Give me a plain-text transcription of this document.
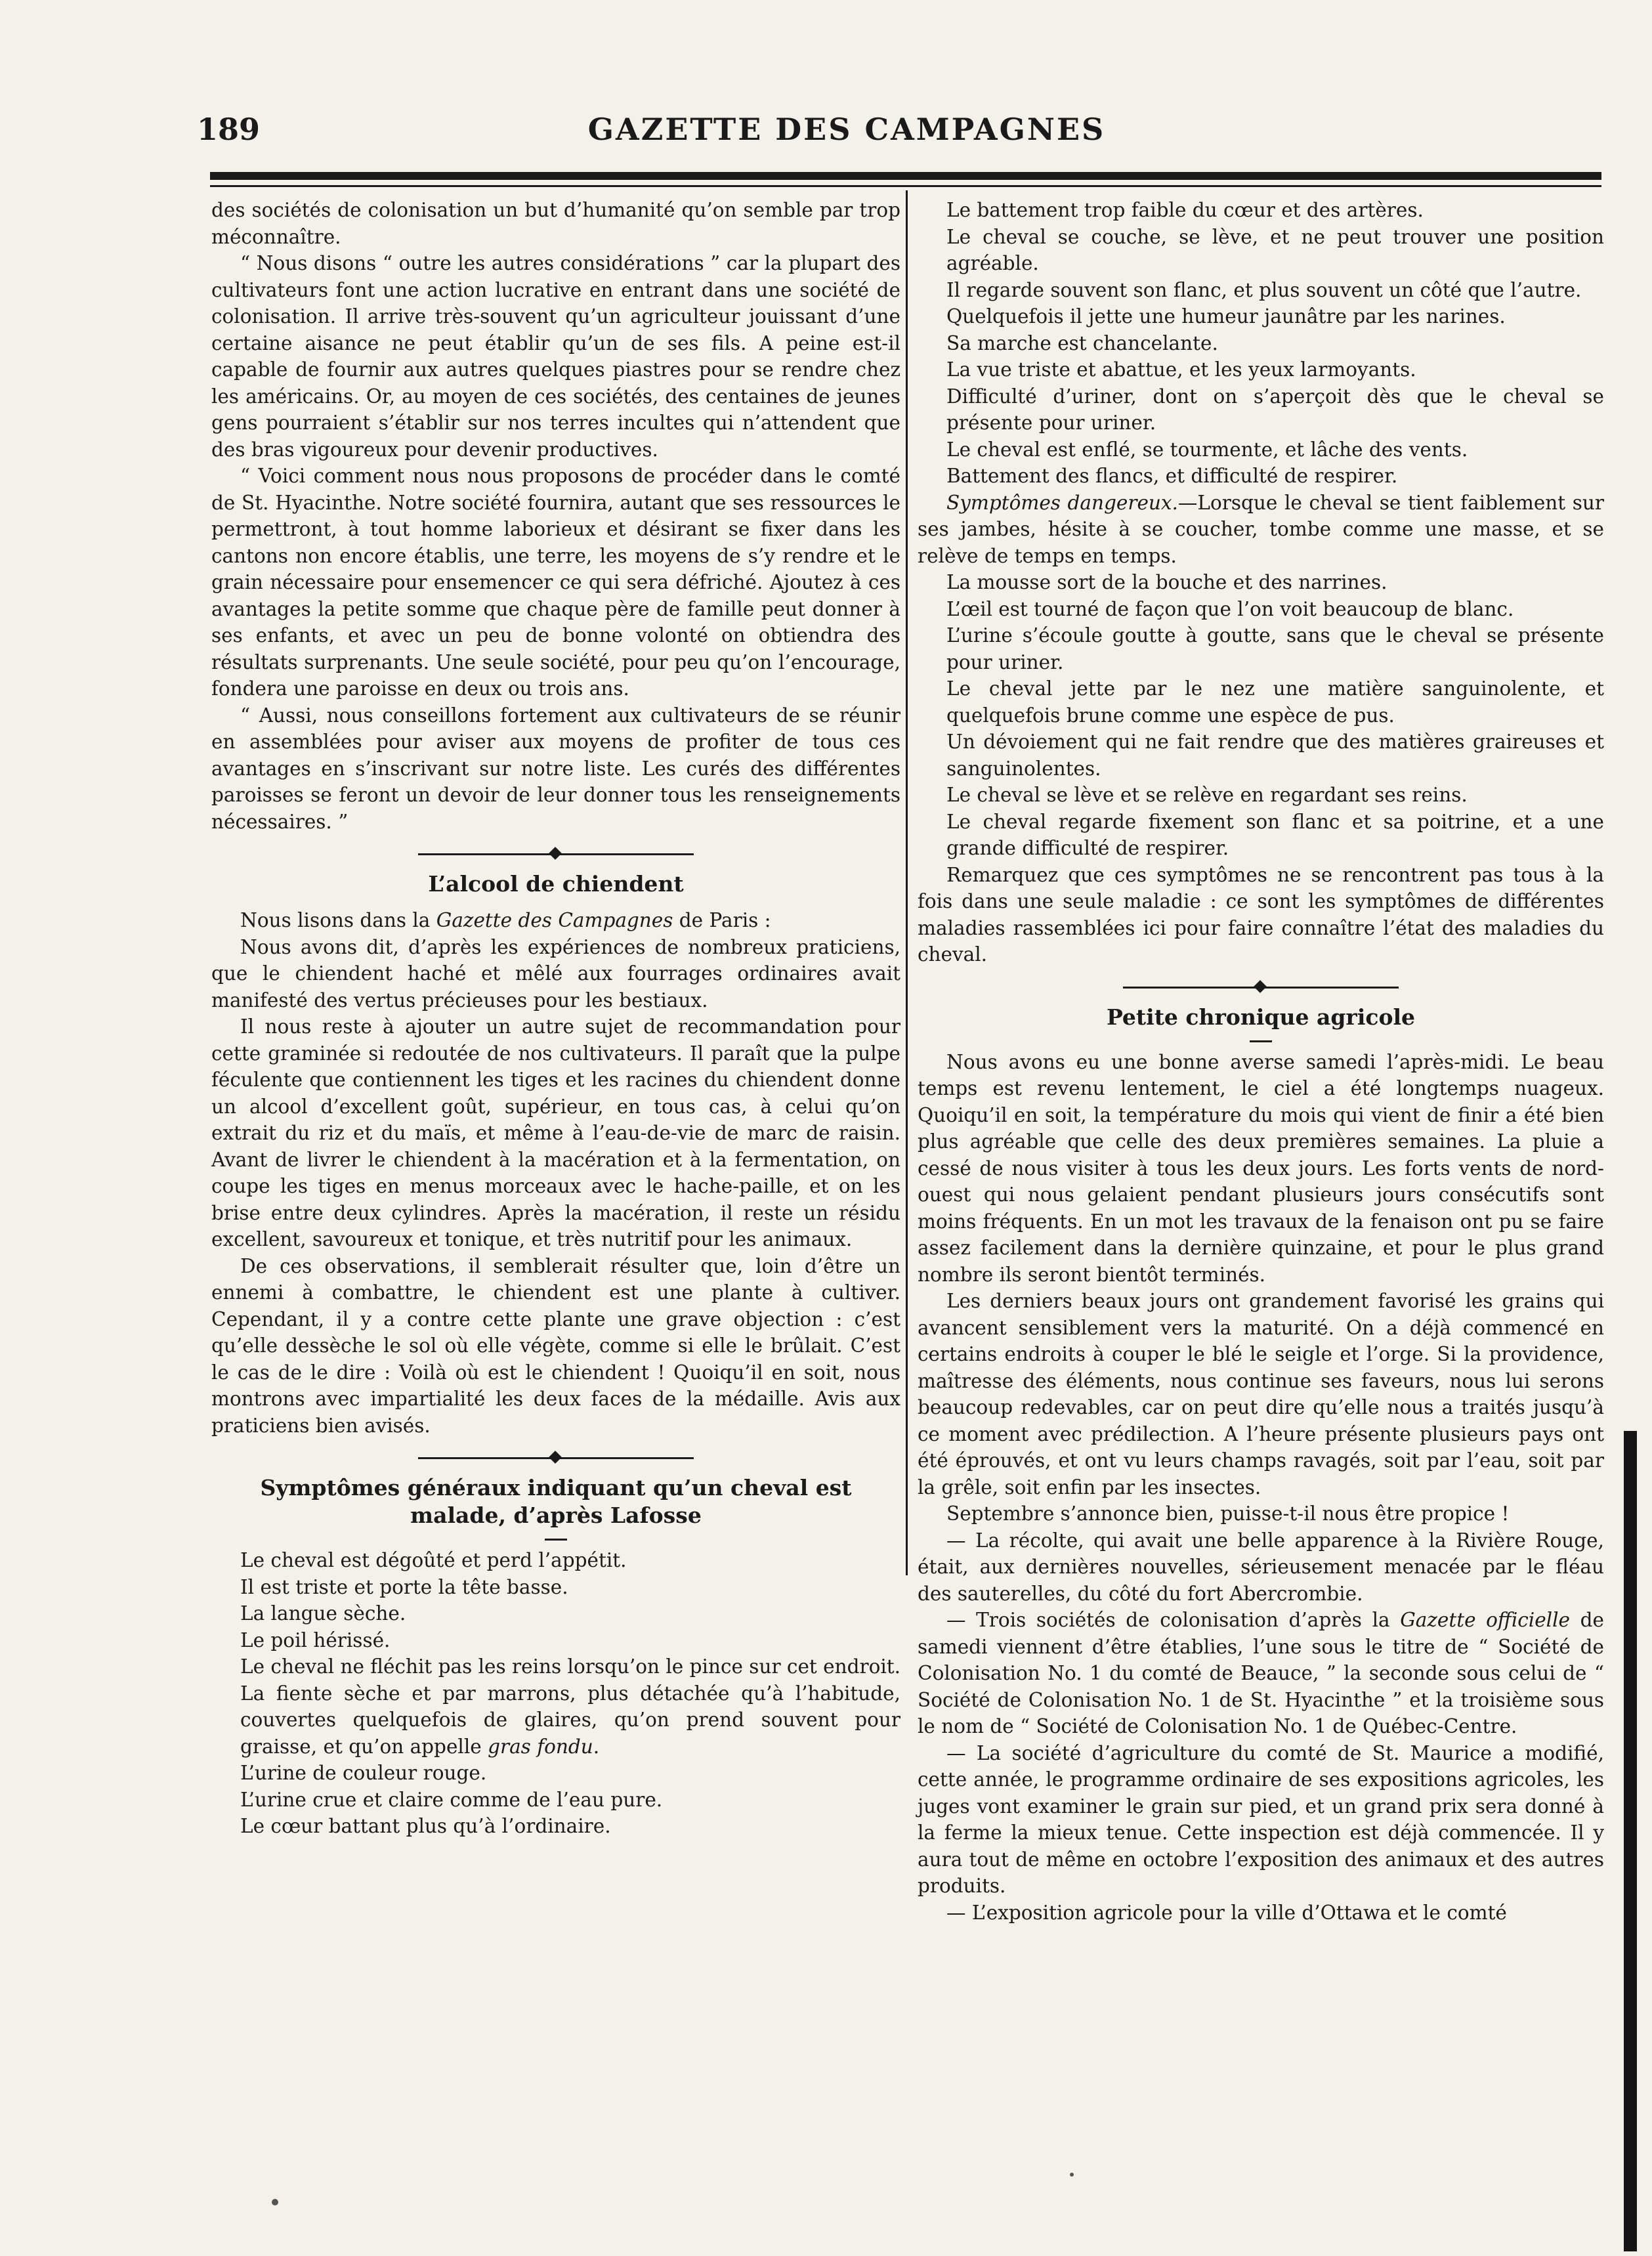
189	GAZETTE DES CAMPAGNES

des sociétés de colonisation un but d’humanité qu’on semble par trop méconnaître.

“ Nous disons “ outre les autres considérations ” car la plupart des cultivateurs font une action lucrative en entrant dans une société de colonisation. Il arrive très-souvent qu’un agriculteur jouissant d’une certaine aisance ne peut établir qu’un de ses fils. A peine est-il capable de fournir aux autres quelques piastres pour se rendre chez les américains. Or, au moyen de ces sociétés, des centaines de jeunes gens pourraient s’établir sur nos terres incultes qui n’attendent que des bras vigoureux pour devenir productives.

“ Voici comment nous nous proposons de procéder dans le comté de St. Hyacinthe. Notre société fournira, autant que ses ressources le permettront, à tout homme laborieux et désirant se fixer dans les cantons non encore établis, une terre, les moyens de s’y rendre et le grain nécessaire pour ensemencer ce qui sera défriché. Ajoutez à ces avantages la petite somme que chaque père de famille peut donner à ses enfants, et avec un peu de bonne volonté on obtiendra des résultats surprenants. Une seule société, pour peu qu’on l’encourage, fondera une paroisse en deux ou trois ans.

“ Aussi, nous conseillons fortement aux cultivateurs de se réunir en assemblées pour aviser aux moyens de profiter de tous ces avantages en s’inscrivant sur notre liste. Les curés des différentes paroisses se feront un devoir de leur donner tous les renseignements nécessaires. ”

L’alcool de chiendent

Nous lisons dans la Gazette des Campagnes de Paris :

Nous avons dit, d’après les expériences de nombreux praticiens, que le chiendent haché et mêlé aux fourrages ordinaires avait manifesté des vertus précieuses pour les bestiaux.

Il nous reste à ajouter un autre sujet de recommandation pour cette graminée si redoutée de nos cultivateurs. Il paraît que la pulpe féculente que contiennent les tiges et les racines du chiendent donne un alcool d’excellent goût, supérieur, en tous cas, à celui qu’on extrait du riz et du maïs, et même à l’eau-de-vie de marc de raisin. Avant de livrer le chiendent à la macération et à la fermentation, on coupe les tiges en menus morceaux avec le hache-paille, et on les brise entre deux cylindres. Après la macération, il reste un résidu excellent, savoureux et tonique, et très nutritif pour les animaux.

De ces observations, il semblerait résulter que, loin d’être un ennemi à combattre, le chiendent est une plante à cultiver. Cependant, il y a contre cette plante une grave objection : c’est qu’elle dessèche le sol où elle végète, comme si elle le brûlait. C’est le cas de le dire : Voilà où est le chiendent ! Quoiqu’il en soit, nous montrons avec impartialité les deux faces de la médaille. Avis aux praticiens bien avisés.

Symptômes généraux indiquant qu’un cheval est malade, d’après Lafosse

Le cheval est dégoûté et perd l’appétit.

Il est triste et porte la tête basse.

La langue sèche.

Le poil hérissé.

Le cheval ne fléchit pas les reins lorsqu’on le pince sur cet endroit.

La fiente sèche et par marrons, plus détachée qu’à l’habitude, couvertes quelquefois de glaires, qu’on prend souvent pour graisse, et qu’on appelle gras fondu.

L’urine de couleur rouge.

L’urine crue et claire comme de l’eau pure.

Le cœur battant plus qu’à l’ordinaire.

Le battement trop faible du cœur et des artères.

Le cheval se couche, se lève, et ne peut trouver une position agréable.

Il regarde souvent son flanc, et plus souvent un côté que l’autre.

Quelquefois il jette une humeur jaunâtre par les narines.

Sa marche est chancelante.

La vue triste et abattue, et les yeux larmoyants.

Difficulté d’uriner, dont on s’aperçoit dès que le cheval se présente pour uriner.

Le cheval est enflé, se tourmente, et lâche des vents.

Battement des flancs, et difficulté de respirer.

Symptômes dangereux.—Lorsque le cheval se tient faiblement sur ses jambes, hésite à se coucher, tombe comme une masse, et se relève de temps en temps.

La mousse sort de la bouche et des narrines.

L’œil est tourné de façon que l’on voit beaucoup de blanc.

L’urine s’écoule goutte à goutte, sans que le cheval se présente pour uriner.

Le cheval jette par le nez une matière sanguinolente, et quelquefois brune comme une espèce de pus.

Un dévoiement qui ne fait rendre que des matières graireuses et sanguinolentes.

Le cheval se lève et se relève en regardant ses reins.

Le cheval regarde fixement son flanc et sa poitrine, et a une grande difficulté de respirer.

Remarquez que ces symptômes ne se rencontrent pas tous à la fois dans une seule maladie : ce sont les symptômes de différentes maladies rassemblées ici pour faire connaître l’état des maladies du cheval.

Petite chronique agricole

Nous avons eu une bonne averse samedi l’après-midi. Le beau temps est revenu lentement, le ciel a été longtemps nuageux. Quoiqu’il en soit, la température du mois qui vient de finir a été bien plus agréable que celle des deux premières semaines. La pluie a cessé de nous visiter à tous les deux jours. Les forts vents de nord-ouest qui nous gelaient pendant plusieurs jours consécutifs sont moins fréquents. En un mot les travaux de la fenaison ont pu se faire assez facilement dans la dernière quinzaine, et pour le plus grand nombre ils seront bientôt terminés.

Les derniers beaux jours ont grandement favorisé les grains qui avancent sensiblement vers la maturité. On a déjà commencé en certains endroits à couper le blé le seigle et l’orge. Si la providence, maîtresse des éléments, nous continue ses faveurs, nous lui serons beaucoup redevables, car on peut dire qu’elle nous a traités jusqu’à ce moment avec prédilection. A l’heure présente plusieurs pays ont été éprouvés, et ont vu leurs champs ravagés, soit par l’eau, soit par la grêle, soit enfin par les insectes.

Septembre s’annonce bien, puisse-t-il nous être propice !

— La récolte, qui avait une belle apparence à la Rivière Rouge, était, aux dernières nouvelles, sérieusement menacée par le fléau des sauterelles, du côté du fort Abercrombie.

— Trois sociétés de colonisation d’après la Gazette officielle de samedi viennent d’être établies, l’une sous le titre de “ Société de Colonisation No. 1 du comté de Beauce, ” la seconde sous celui de “ Société de Colonisation No. 1 de St. Hyacinthe ” et la troisième sous le nom de “ Société de Colonisation No. 1 de Québec-Centre.

— La société d’agriculture du comté de St. Maurice a modifié, cette année, le programme ordinaire de ses expositions agricoles, les juges vont examiner le grain sur pied, et un grand prix sera donné à la ferme la mieux tenue. Cette inspection est déjà commencée. Il y aura tout de même en octobre l’exposition des animaux et des autres produits.

— L’exposition agricole pour la ville d’Ottawa et le comté
